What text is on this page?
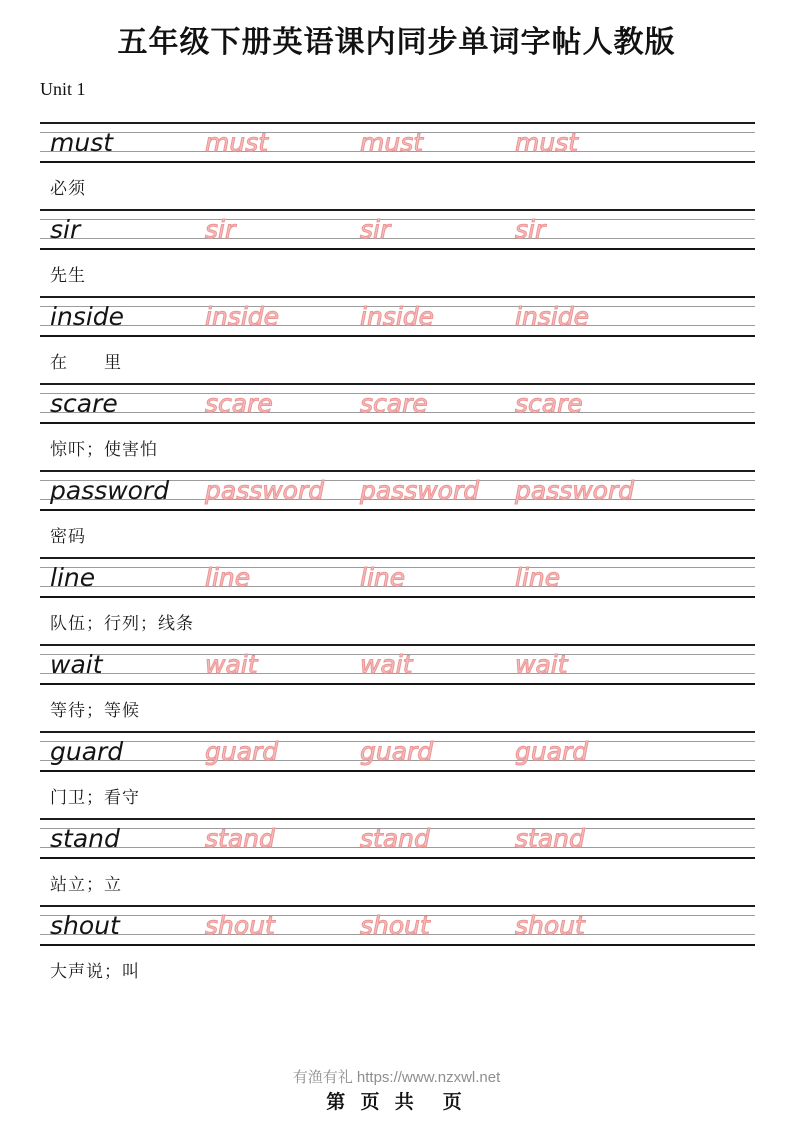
五年级下册英语课内同步单词字帖人教版
Unit 1
must	must	must	must
必须
sir	sir	sir	sir
先生
inside	inside	inside	inside
在　　里
scare	scare	scare	scare
惊吓；使害怕
password password password password
密码
line	line	line	line
队伍；行列；线条
wait	wait	wait	wait
等待；等候
guard	guard	guard	guard
门卫；看守
stand	stand	stand	stand
站立；立
shout	shout	shout	shout
大声说；叫
有渔有礼 https://www.nzxwl.net
第 页 共　页
